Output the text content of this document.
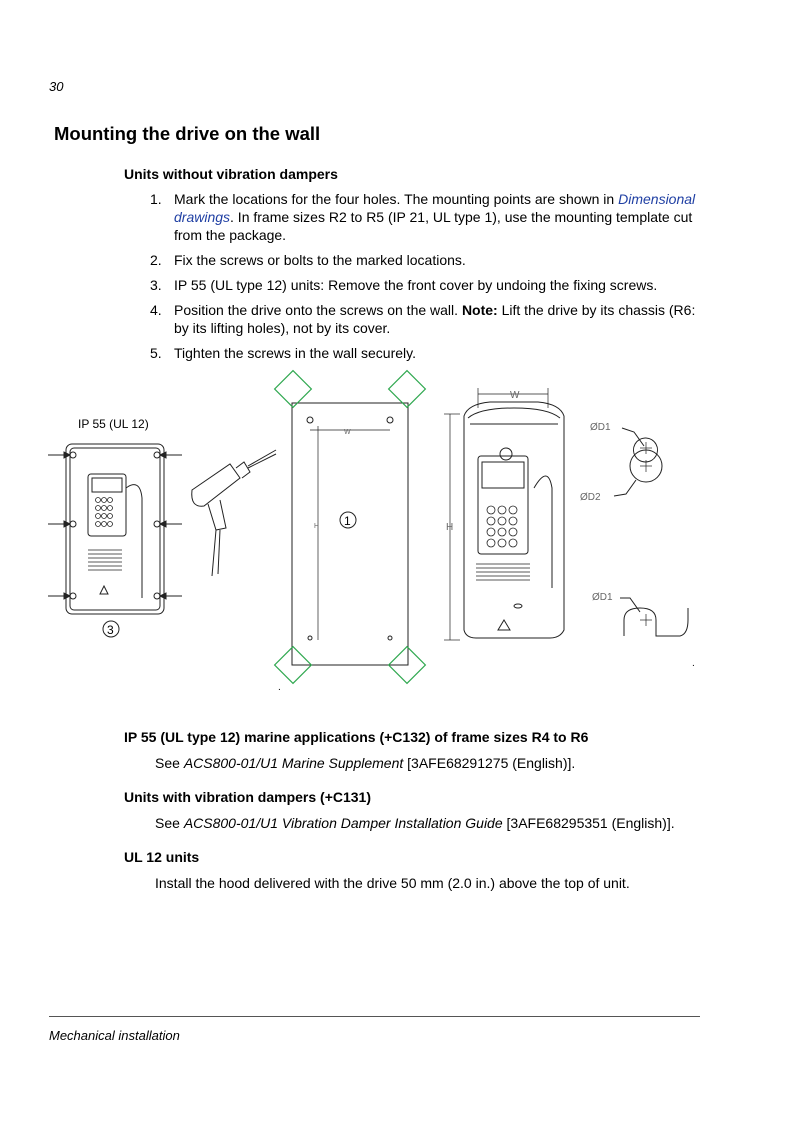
30
Mounting the drive on the wall
Units without vibration dampers
1. Mark the locations for the four holes. The mounting points are shown in Dimensional drawings. In frame sizes R2 to R5 (IP 21, UL type 1), use the mounting template cut from the package.
2. Fix the screws or bolts to the marked locations.
3. IP 55 (UL type 12) units: Remove the front cover by undoing the fixing screws.
4. Position the drive onto the screws on the wall. Note: Lift the drive by its chassis (R6: by its lifting holes), not by its cover.
5. Tighten the screws in the wall securely.
IP 55 (UL 12)
3
W
H 1
.
W
H
ØD1
ØD2
ØD1
.
IP 55 (UL type 12) marine applications (+C132) of frame sizes R4 to R6

See ACS800-01/U1 Marine Supplement [3AFE68291275 (English)].

Units with vibration dampers (+C131)

See ACS800-01/U1 Vibration Damper Installation Guide [3AFE68295351 (English)].

UL 12 units

Install the hood delivered with the drive 50 mm (2.0 in.) above the top of unit.

Mechanical installation
